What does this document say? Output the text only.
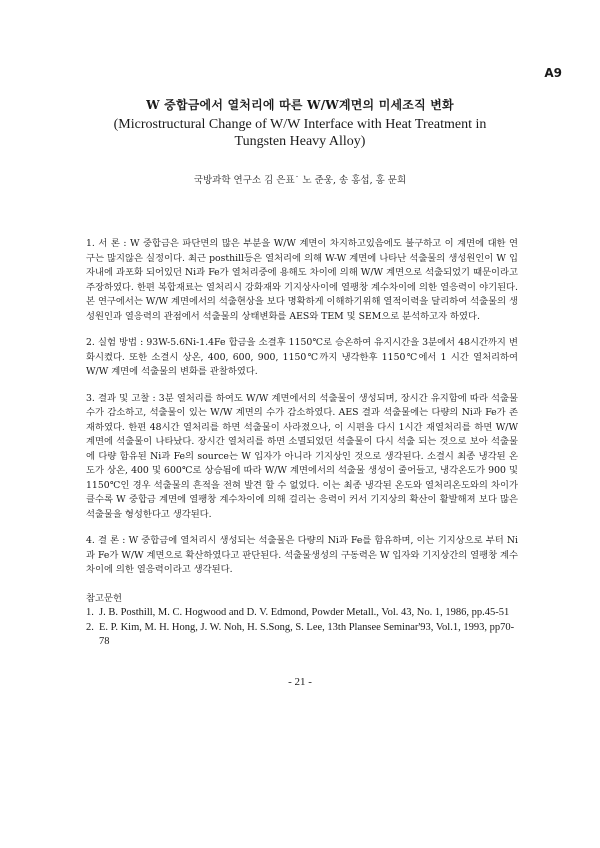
A9
W 중합금에서 열처리에 따른 W/W계면의 미세조직 변화
(Microstructural Change of W/W Interface with Heat Treatment in
Tungsten Heavy Alloy)
국방과학 연구소 김 은표˙ 노 준웅, 송 홍섭, 홍 문희

1. 서 론 : W 중합금은 파단면의 많은 부분을 W/W 계면이 차지하고있음에도 불구하고 이 계면에 대한 연구는 많지않은 실정이다. 최근 posthill등은 열처리에 의해 W-W 계면에 나타난 석출물의 생성원인이 W 입자내에 과포화 되어있던 Ni과 Fe가 열처리중에 용해도 차이에 의해 W/W 계면으로 석출되었기 때문이라고 주장하였다. 한편 복합재료는 열처리시 강화재와 기지상사이에 열팽창 계수차이에 의한 열응력이 야기된다. 본 연구에서는 W/W 계면에서의 석출현상을 보다 명확하게 이해하기위해 열적이력을 달리하여 석출물의 생성원인과 열응력의 관점에서 석출물의 상태변화를 AES와 TEM 및 SEM으로 분석하고자 하였다.

2. 실험 방법 : 93W-5.6Ni-1.4Fe 합금을 소결후 1150℃로 승온하여 유지시간을 3분에서 48시간까지 변화시켰다. 또한 소결시 상온, 400, 600, 900, 1150℃까지 냉각한후 1150℃에서 1 시간 열처리하여 W/W 계면에 석출물의 변화를 관찰하였다.

3. 결과 및 고찰 : 3분 열처리를 하여도 W/W 계면에서의 석출물이 생성되며, 장시간 유지함에 따라 석출물수가 감소하고, 석출물이 있는 W/W 계면의 수가 감소하였다. AES 결과 석출물에는 다량의 Ni과 Fe가 존재하였다. 한편 48시간 열처리를 하면 석출물이 사라졌으나, 이 시편을 다시 1시간 재열처리를 하면 W/W 계면에 석출물이 나타났다. 장시간 열처리를 하면 소멸되었던 석출물이 다시 석출 되는 것으로 보아 석출물에 다량 함유된 Ni과 Fe의 source는 W 입자가 아니라 기지상인 것으로 생각된다. 소결시 최종 냉각된 온도가 상온, 400 및 600℃로 상승됨에 따라 W/W 계면에서의 석출물 생성이 줄어들고, 냉각온도가 900 및 1150℃인 경우 석출물의 흔적을 전혀 발견 할 수 없었다. 이는 최종 냉각된 온도와 열처리온도와의 차이가 클수록 W 중합금 계면에 열팽창 계수차이에 의해 걸리는 응력이 커서 기지상의 확산이 활발해져 보다 많은 석출물을 형성한다고 생각된다.

4. 결 론 : W 중합금에 열처리시 생성되는 석출물은 다량의 Ni과 Fe를 함유하며, 이는 기지상으로 부터 Ni과 Fe가 W/W 계면으로 확산하였다고 판단된다. 석출물생성의 구동력은 W 입자와 기지상간의 열팽창 계수차이에 의한 열응력이라고 생각된다.

참고문헌
1. J. B. Posthill, M. C. Hogwood and D. V. Edmond, Powder Metall., Vol. 43, No. 1, 1986, pp.45-51
2. E. P. Kim, M. H. Hong, J. W. Noh, H. S.Song, S. Lee, 13th Plansee Seminar'93, Vol.1, 1993, pp70-78
- 21 -
